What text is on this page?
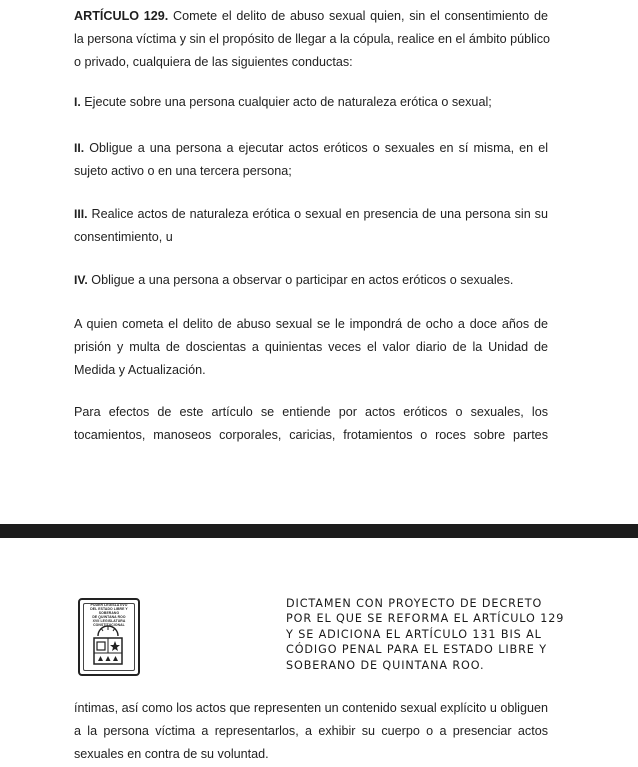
ARTÍCULO 129. Comete el delito de abuso sexual quien, sin el consentimiento de
la persona víctima y sin el propósito de llegar a la cópula, realice en el ámbito público
o privado, cualquiera de las siguientes conductas:

I. Ejecute sobre una persona cualquier acto de naturaleza erótica o sexual;

II. Obligue a una persona a ejecutar actos eróticos o sexuales en sí misma, en el
sujeto activo o en una tercera persona;

III. Realice actos de naturaleza erótica o sexual en presencia de una persona sin su
consentimiento, u

IV. Obligue a una persona a observar o participar en actos eróticos o sexuales.

A quien cometa el delito de abuso sexual se le impondrá de ocho a doce años de
prisión y multa de doscientas a quinientas veces el valor diario de la Unidad de
Medida y Actualización.

Para efectos de este artículo se entiende por actos eróticos o sexuales, los
tocamientos, manoseos corporales, caricias, frotamientos o roces sobre partes

PODER LEGISLATIVO
DEL ESTADO LIBRE Y SOBERANO
DE QUINTANA ROO
XVII LEGISLATURA CONSTITUCIONAL
DICTAMEN CON PROYECTO DE DECRETO
POR EL QUE SE REFORMA EL ARTÍCULO 129
Y SE ADICIONA EL ARTÍCULO 131 BIS AL
CÓDIGO PENAL PARA EL ESTADO LIBRE Y
SOBERANO DE QUINTANA ROO.

íntimas, así como los actos que representen un contenido sexual explícito u obliguen
a la persona víctima a representarlos, a exhibir su cuerpo o a presenciar actos
sexuales en contra de su voluntad.
